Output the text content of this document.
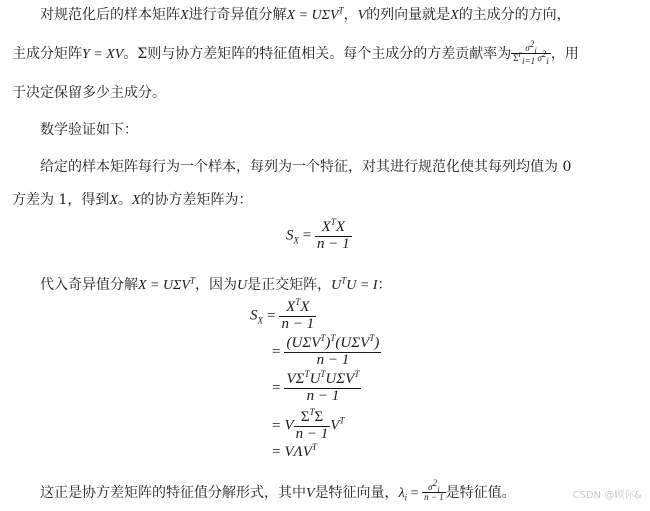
对规范化后的样本矩阵X进行奇异值分解$X = U\Sigma V^T$，V的列向量就是X的主成分的方向，
主成分矩阵Y = XV。Σ则与协方差矩阵的特征值相关。每个主成分的方差贡献率为 $\frac{\sigma^2_i}{\Sigma^r_{i=1} \sigma^2_i}$ ，用
于决定保留多少主成分。
数学验证如下：
给定的样本矩阵每行为一个样本，每列为一个特征，对其进行规范化使其每列均值为 0
方差为 1，得到X。X的协方差矩阵为：
$S_X = \frac{X^TX}{n - 1}$
代入奇异值分解$X = U\Sigma V^T$，因为U是正交矩阵，$U^TU = I$：
$S_X = \frac{X^TX}{n - 1}$
= $\frac{(U\Sigma V^T)^T(U\Sigma V^T)}{n - 1}$
= $\frac{V\Sigma^TU^TU\Sigma V^T}{n - 1}$
= V $\frac{\Sigma^T\Sigma}{n - 1} V^T$
= $V\Lambda V^T$
这正是协方差矩阵的特征值分解形式，其中V是特征向量，$\lambda_i = \frac{\sigma^2_i}{n - 1}$ 是特征值。	CSDN @顾你&
